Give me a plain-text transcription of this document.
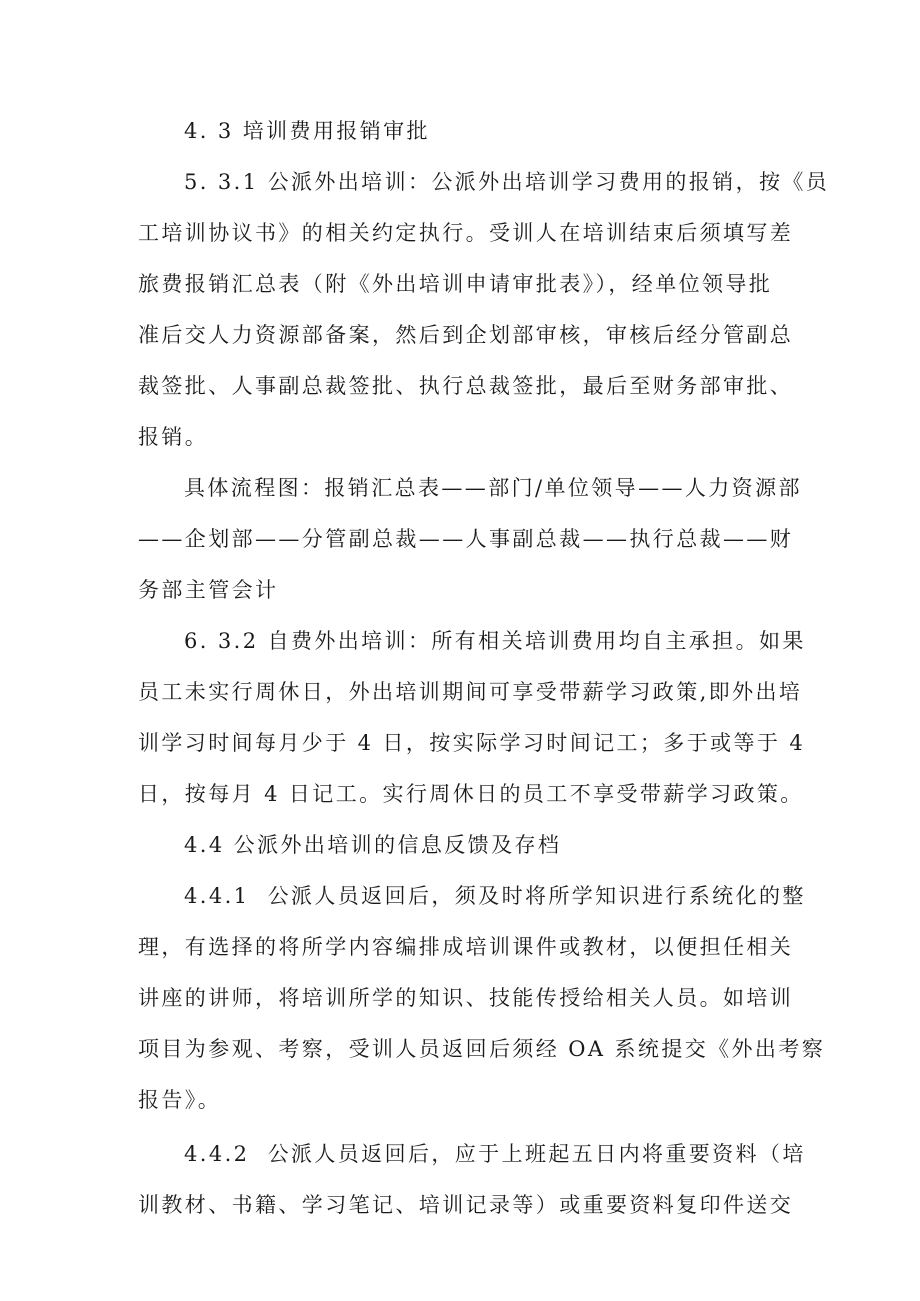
4. 3 培训费用报销审批
5. 3.1 公派外出培训：公派外出培训学习费用的报销，按《员
工培训协议书》的相关约定执行。受训人在培训结束后须填写差
旅费报销汇总表（附《外出培训申请审批表》），经单位领导批
准后交人力资源部备案，然后到企划部审核，审核后经分管副总
裁签批、人事副总裁签批、执行总裁签批，最后至财务部审批、
报销。
具体流程图：报销汇总表——部门/单位领导——人力资源部
——企划部——分管副总裁——人事副总裁——执行总裁——财
务部主管会计
6. 3.2 自费外出培训：所有相关培训费用均自主承担。如果
员工未实行周休日，外出培训期间可享受带薪学习政策,即外出培
训学习时间每月少于 4 日，按实际学习时间记工；多于或等于 4
日，按每月 4 日记工。实行周休日的员工不享受带薪学习政策。
4.4 公派外出培训的信息反馈及存档
4.4.1  公派人员返回后，须及时将所学知识进行系统化的整
理，有选择的将所学内容编排成培训课件或教材，以便担任相关
讲座的讲师，将培训所学的知识、技能传授给相关人员。如培训
项目为参观、考察，受训人员返回后须经 OA 系统提交《外出考察
报告》。
4.4.2  公派人员返回后，应于上班起五日内将重要资料（培
训教材、书籍、学习笔记、培训记录等）或重要资料复印件送交
